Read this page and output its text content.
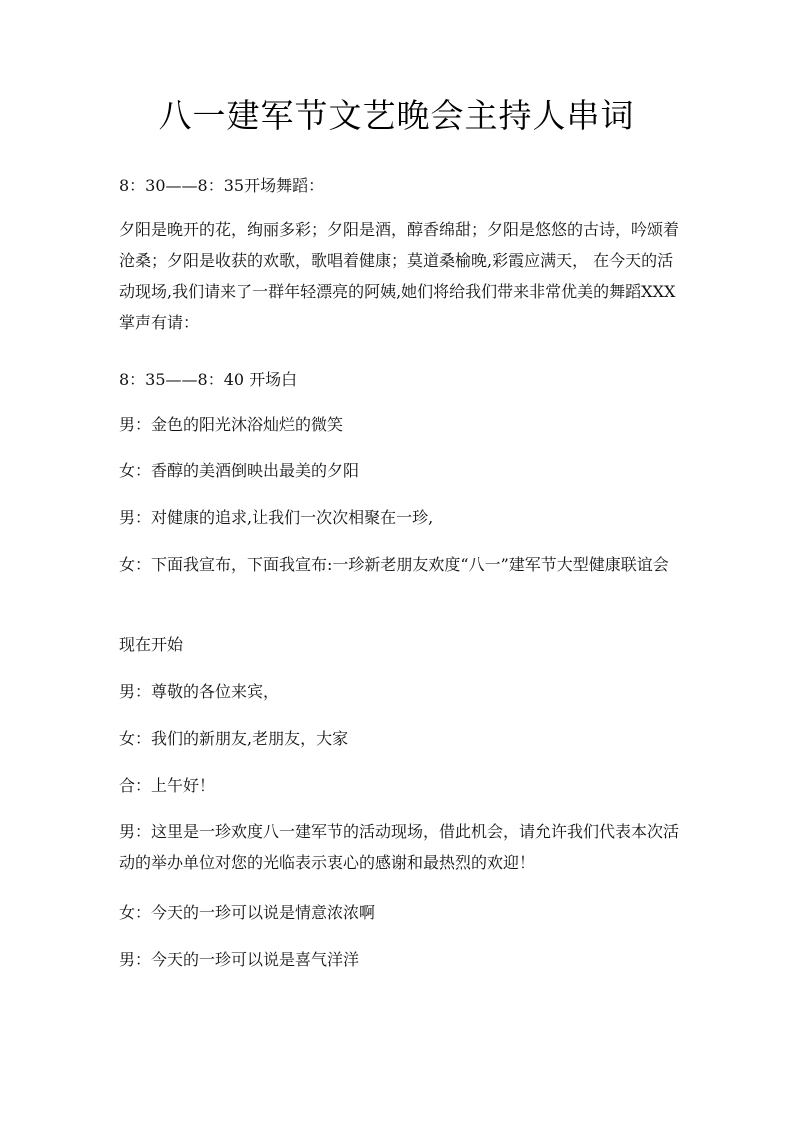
八一建军节文艺晚会主持人串词

8：30——8：35开场舞蹈：

夕阳是晚开的花，绚丽多彩；夕阳是酒，醇香绵甜；夕阳是悠悠的古诗，吟颂着沧桑；夕阳是收获的欢歌，歌唱着健康；莫道桑榆晚,彩霞应满天， 在今天的活动现场,我们请来了一群年轻漂亮的阿姨,她们将给我们带来非常优美的舞蹈XXX掌声有请：

8：35——8：40 开场白

男：金色的阳光沐浴灿烂的微笑

女：香醇的美酒倒映出最美的夕阳

男：对健康的追求,让我们一次次相聚在一珍,

女：下面我宣布，下面我宣布:一珍新老朋友欢度“八一”建军节大型健康联谊会

现在开始

男：尊敬的各位来宾，

女：我们的新朋友,老朋友，大家

合：上午好！

男：这里是一珍欢度八一建军节的活动现场，借此机会，请允许我们代表本次活动的举办单位对您的光临表示衷心的感谢和最热烈的欢迎！

女：今天的一珍可以说是情意浓浓啊

男：今天的一珍可以说是喜气洋洋
